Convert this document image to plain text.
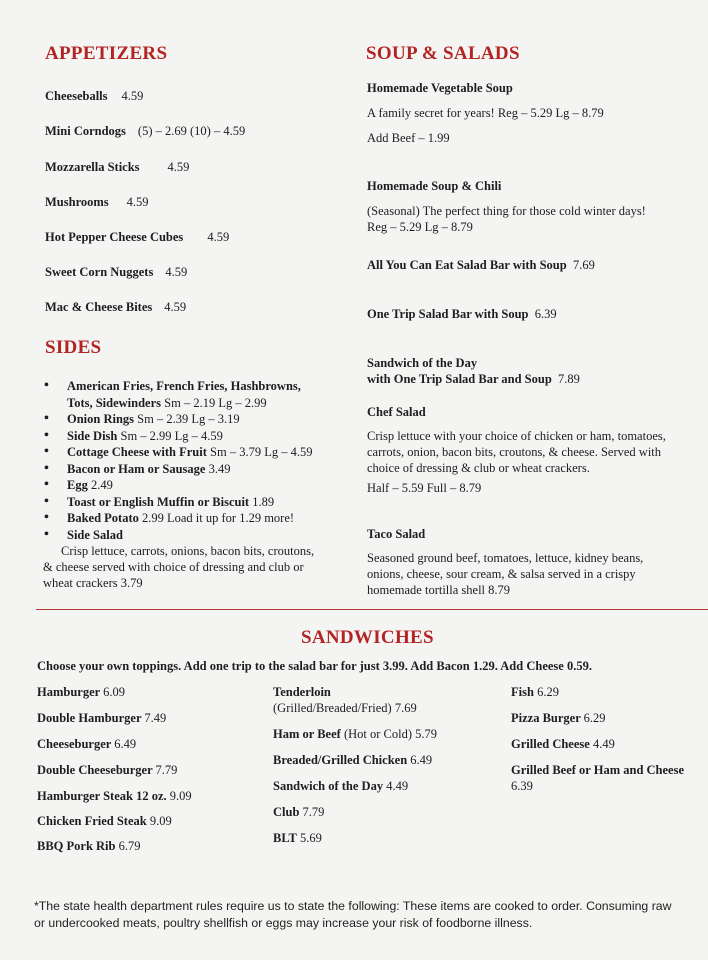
APPETIZERS
Cheeseballs 4.59
Mini Corndogs (5) – 2.69 (10) – 4.59
Mozzarella Sticks 4.59
Mushrooms 4.59
Hot Pepper Cheese Cubes 4.59
Sweet Corn Nuggets 4.59
Mac & Cheese Bites 4.59
SIDES
• American Fries, French Fries, Hashbrowns,
Tots, Sidewinders Sm – 2.19 Lg – 2.99
• Onion Rings Sm – 2.39 Lg – 3.19
• Side Dish Sm – 2.99 Lg – 4.59
• Cottage Cheese with Fruit Sm – 3.79 Lg – 4.59
• Bacon or Ham or Sausage 3.49
• Egg 2.49
• Toast or English Muffin or Biscuit 1.89
• Baked Potato 2.99 Load it up for 1.29 more!
• Side Salad
Crisp lettuce, carrots, onions, bacon bits, croutons,
& cheese served with choice of dressing and club or
wheat crackers 3.79
SOUP & SALADS
Homemade Vegetable Soup
A family secret for years! Reg – 5.29 Lg – 8.79
Add Beef – 1.99
Homemade Soup & Chili
(Seasonal) The perfect thing for those cold winter days!
Reg – 5.29 Lg – 8.79
All You Can Eat Salad Bar with Soup 7.69
One Trip Salad Bar with Soup 6.39
Sandwich of the Day
with One Trip Salad Bar and Soup 7.89
Chef Salad
Crisp lettuce with your choice of chicken or ham, tomatoes,
carrots, onion, bacon bits, croutons, & cheese. Served with
choice of dressing & club or wheat crackers.
Half – 5.59 Full – 8.79
Taco Salad
Seasoned ground beef, tomatoes, lettuce, kidney beans,
onions, cheese, sour cream, & salsa served in a crispy
homemade tortilla shell 8.79
SANDWICHES
Choose your own toppings. Add one trip to the salad bar for just 3.99. Add Bacon 1.29. Add Cheese 0.59.
Hamburger 6.09
Double Hamburger 7.49
Cheeseburger 6.49
Double Cheeseburger 7.79
Hamburger Steak 12 oz. 9.09
Chicken Fried Steak 9.09
BBQ Pork Rib 6.79
Tenderloin
(Grilled/Breaded/Fried) 7.69
Ham or Beef (Hot or Cold) 5.79
Breaded/Grilled Chicken 6.49
Sandwich of the Day 4.49
Club 7.79
BLT 5.69
Fish 6.29
Pizza Burger 6.29
Grilled Cheese 4.49
Grilled Beef or Ham and Cheese
6.39
*The state health department rules require us to state the following: These items are cooked to order. Consuming raw
or undercooked meats, poultry shellfish or eggs may increase your risk of foodborne illness.
